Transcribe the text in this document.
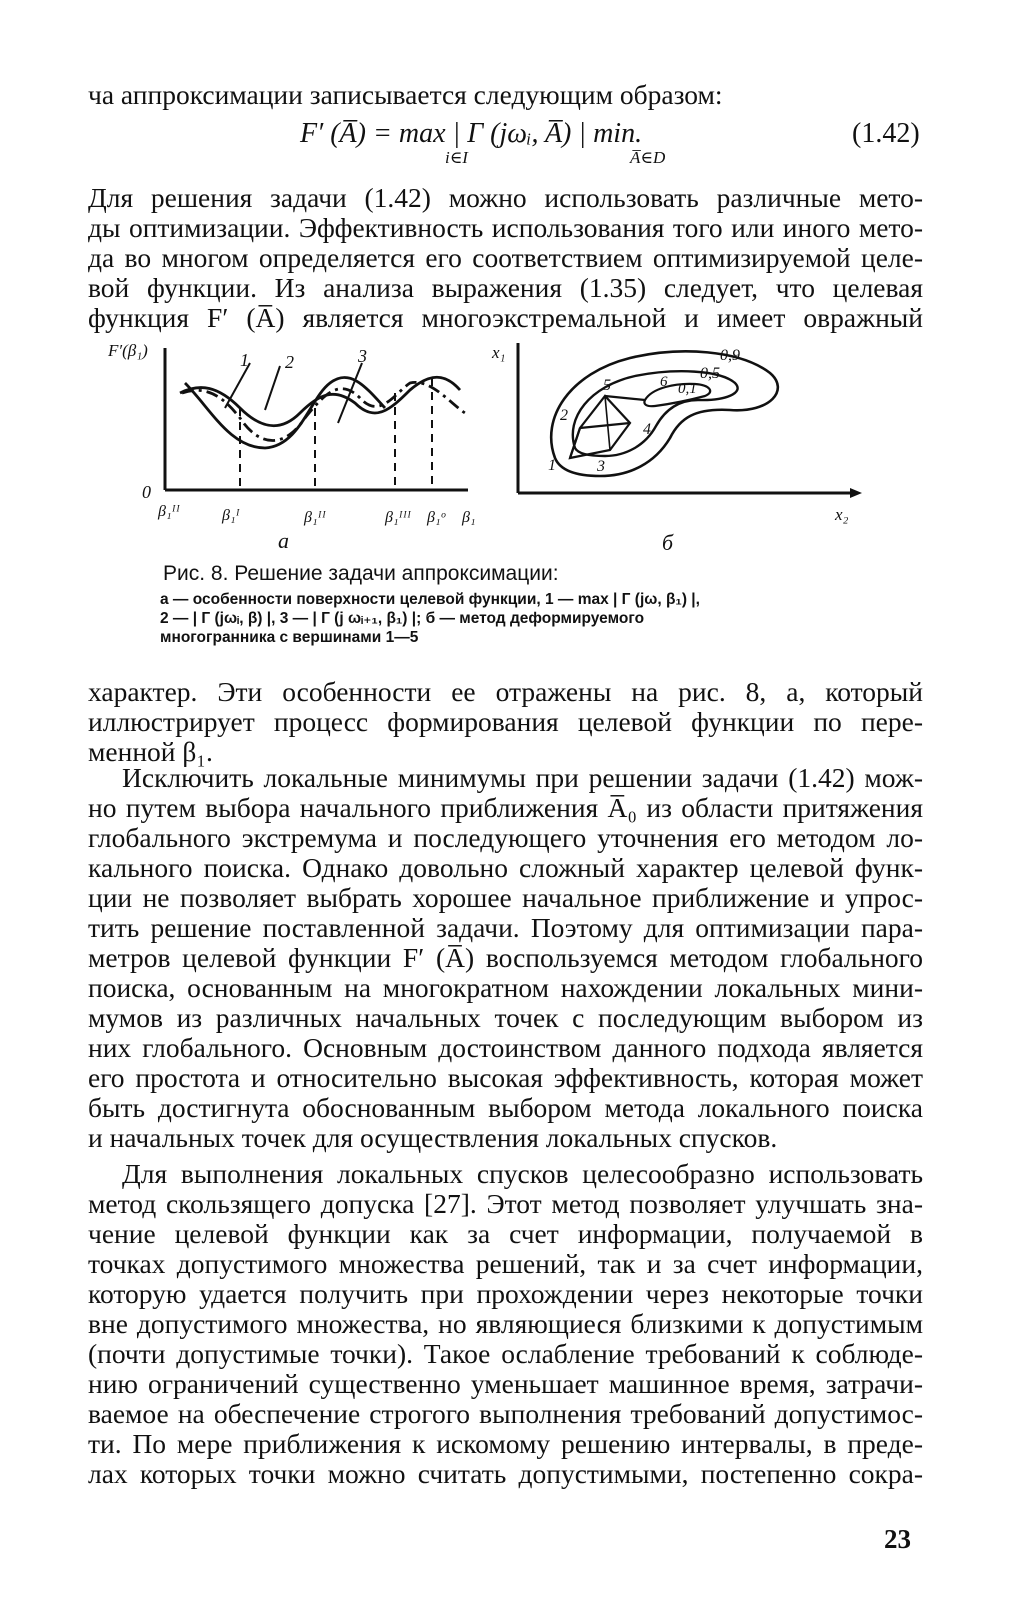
ча аппроксимации записывается следующим образом:
F′ (A̅) = max | Г (jωᵢ, A̅) | min.
i∈I	A̅∈D
(1.42)
Для решения задачи (1.42) можно использовать различные мето-
ды оптимизации. Эффективность использования того или иного мето-
да во многом определяется его соответствием оптимизируемой целе-
вой функции. Из анализа выражения (1.35) следует, что целевая
функция F′ (A̅) является многоэкстремальной и имеет овражный
F′(β₁)
0
1 2	3
β₁ᴵᴵ	β₁ᴵ	β₁ᴵᴵ	β₁ᴵᴵᴵ β₁ᵒ β₁
а
x₁
x₂
0,9
0,5
0,1
1
2
3
4
5	6
б
Рис. 8. Решение задачи аппроксимации:
а — особенности поверхности целевой функции, 1 — max | Г (jω, β₁) |,
2 — | Г (jωᵢ, β) |, 3 — | Г (j ωᵢ₊₁, β₁) |; б — метод деформируемого
многогранника с вершинами 1—5
характер. Эти особенности ее отражены на рис. 8, а, который
иллюстрирует процесс формирования целевой функции по пере-
менной β₁.
Исключить локальные минимумы при решении задачи (1.42) мож-
но путем выбора начального приближения A̅₀ из области притяжения
глобального экстремума и последующего уточнения его методом ло-
кального поиска. Однако довольно сложный характер целевой функ-
ции не позволяет выбрать хорошее начальное приближение и упрос-
тить решение поставленной задачи. Поэтому для оптимизации пара-
метров целевой функции F′ (A̅) воспользуемся методом глобального
поиска, основанным на многократном нахождении локальных мини-
мумов из различных начальных точек с последующим выбором из
них глобального. Основным достоинством данного подхода является
его простота и относительно высокая эффективность, которая может
быть достигнута обоснованным выбором метода локального поиска
и начальных точек для осуществления локальных спусков.
Для выполнения локальных спусков целесообразно использовать
метод скользящего допуска [27]. Этот метод позволяет улучшать зна-
чение целевой функции как за счет информации, получаемой в
точках допустимого множества решений, так и за счет информации,
которую удается получить при прохождении через некоторые точки
вне допустимого множества, но являющиеся близкими к допустимым
(почти допустимые точки). Такое ослабление требований к соблюде-
нию ограничений существенно уменьшает машинное время, затрачи-
ваемое на обеспечение строгого выполнения требований допустимос-
ти. По мере приближения к искомому решению интервалы, в преде-
лах которых точки можно считать допустимыми, постепенно сокра-
23
